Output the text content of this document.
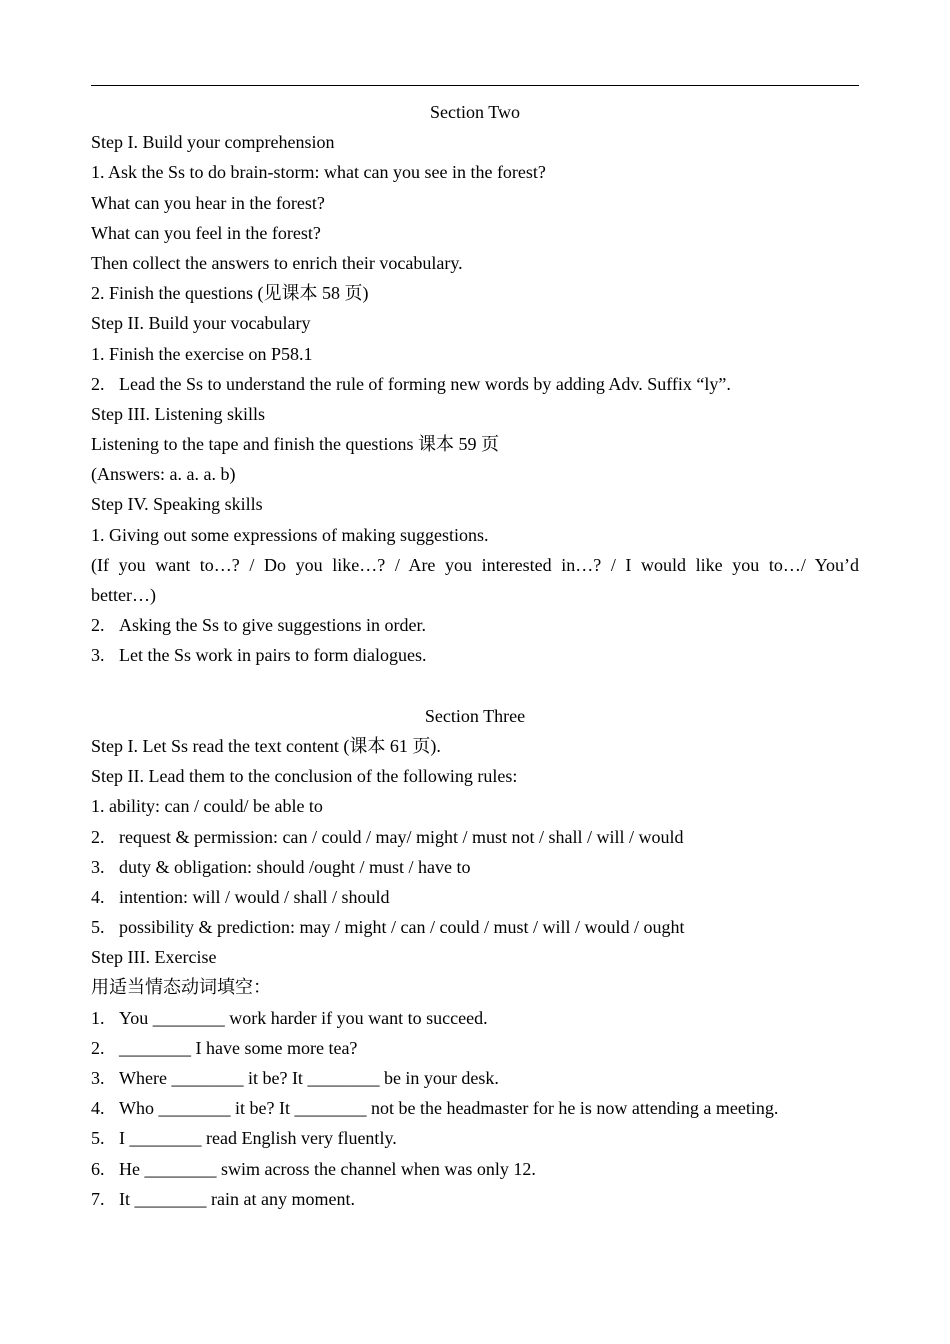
Section Two
Step I. Build your comprehension
1. Ask the Ss to do brain-storm: what can you see in the forest?
What can you hear in the forest?
What can you feel in the forest?
Then collect the answers to enrich their vocabulary.
2. Finish the questions (见课本 58 页)
Step II. Build your vocabulary
1. Finish the exercise on P58.1
2. Lead the Ss to understand the rule of forming new words by adding Adv. Suffix “ly”.
Step III. Listening skills
Listening to the tape and finish the questions 课本 59 页
(Answers: a. a. a. b)
Step IV. Speaking skills
1. Giving out some expressions of making suggestions.
(If you want to…? / Do you like…? / Are you interested in…? / I would like you to…/ You’d
better…)
2. Asking the Ss to give suggestions in order.
3. Let the Ss work in pairs to form dialogues.
Section Three
Step I. Let Ss read the text content (课本 61 页).
Step II. Lead them to the conclusion of the following rules:
1. ability: can / could/ be able to
2. request & permission: can / could / may/ might / must not / shall / will / would
3. duty & obligation: should /ought / must / have to
4. intention: will / would / shall / should
5. possibility & prediction: may / might / can / could / must / will / would / ought
Step III. Exercise
用适当情态动词填空：
1. You ________ work harder if you want to succeed.
2. ________ I have some more tea?
3. Where ________ it be? It ________ be in your desk.
4. Who ________ it be? It ________ not be the headmaster for he is now attending a meeting.
5. I ________ read English very fluently.
6. He ________ swim across the channel when was only 12.
7. It ________ rain at any moment.
